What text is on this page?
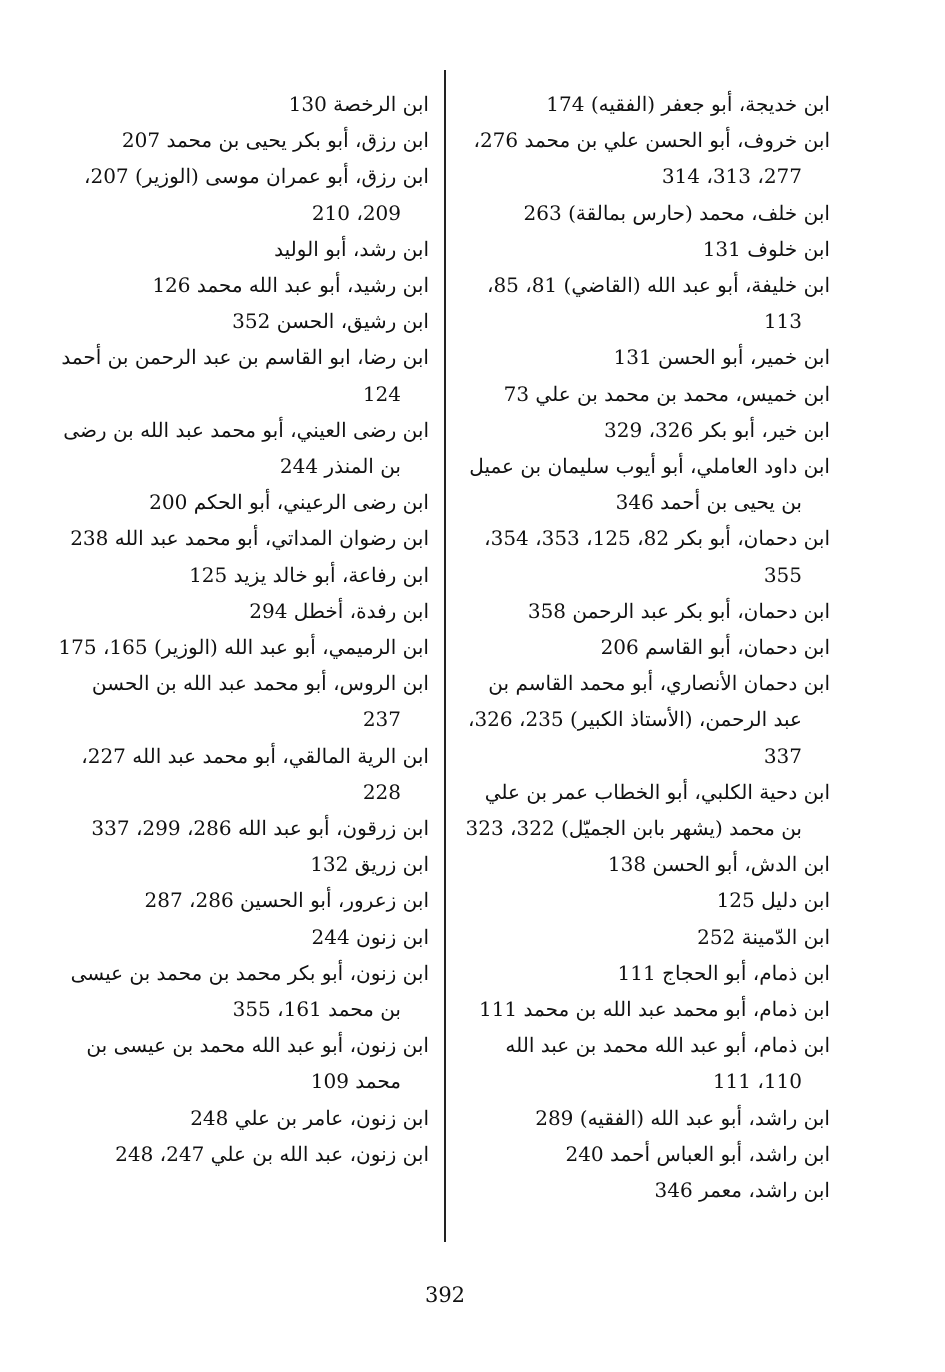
ابن خديجة، أبو جعفر (الفقيه) 174

ابن خروف، أبو الحسن علي بن محمد 276، 277، 313، 314

ابن خلف، محمد (حارس بمالقة) 263

ابن خلوف 131

ابن خليفة، أبو عبد الله (القاضي) 81، 85، 113

ابن خمير، أبو الحسن 131

ابن خميس، محمد بن محمد بن علي 73

ابن خير، أبو بكر 326، 329

ابن داود العاملي، أبو أيوب سليمان بن عميل بن يحيى بن أحمد 346

ابن دحمان، أبو بكر 82، 125، 353، 354، 355

ابن دحمان، أبو بكر عبد الرحمن 358

ابن دحمان، أبو القاسم 206

ابن دحمان الأنصاري، أبو محمد القاسم بن عبد الرحمن، (الأستاذ الكبير) 235، 326، 337

ابن دحية الكلبي، أبو الخطاب عمر بن علي بن محمد (يشهر بابن الجميّل) 322، 323

ابن الدش، أبو الحسن 138

ابن دليل 125

ابن الدّمينة 252

ابن ذمام، أبو الحجاج 111

ابن ذمام، أبو محمد عبد الله بن محمد 111

ابن ذمام، أبو عبد الله محمد بن عبد الله 110، 111

ابن راشد، أبو عبد الله (الفقيه) 289

ابن راشد، أبو العباس أحمد 240

ابن راشد، معمر 346

ابن الرخصة 130

ابن رزق، أبو بكر يحيى بن محمد 207

ابن رزق، أبو عمران موسى (الوزير) 207، 209، 210

ابن رشد، أبو الوليد

ابن رشيد، أبو عبد الله محمد 126

ابن رشيق، الحسن 352

ابن رضا، ابو القاسم بن عبد الرحمن بن أحمد 124

ابن رضى العيني، أبو محمد عبد الله بن رضى بن المنذر 244

ابن رضى الرعيني، أبو الحكم 200

ابن رضوان المداتي، أبو محمد عبد الله 238

ابن رفاعة، أبو خالد يزيد 125

ابن رفدة، أخطل 294

ابن الرميمي، أبو عبد الله (الوزير) 165، 175

ابن الروس، أبو محمد عبد الله بن الحسن 237

ابن الرية المالقي، أبو محمد عبد الله 227، 228

ابن زرقون، أبو عبد الله 286، 299، 337

ابن زريق 132

ابن زعرور، أبو الحسين 286، 287

ابن زنون 244

ابن زنون، أبو بكر محمد بن محمد بن عيسى بن محمد 161، 355

ابن زنون، أبو عبد الله محمد بن عيسى بن محمد 109

ابن زنون، عامر بن علي 248

ابن زنون، عبد الله بن علي 247، 248

392
